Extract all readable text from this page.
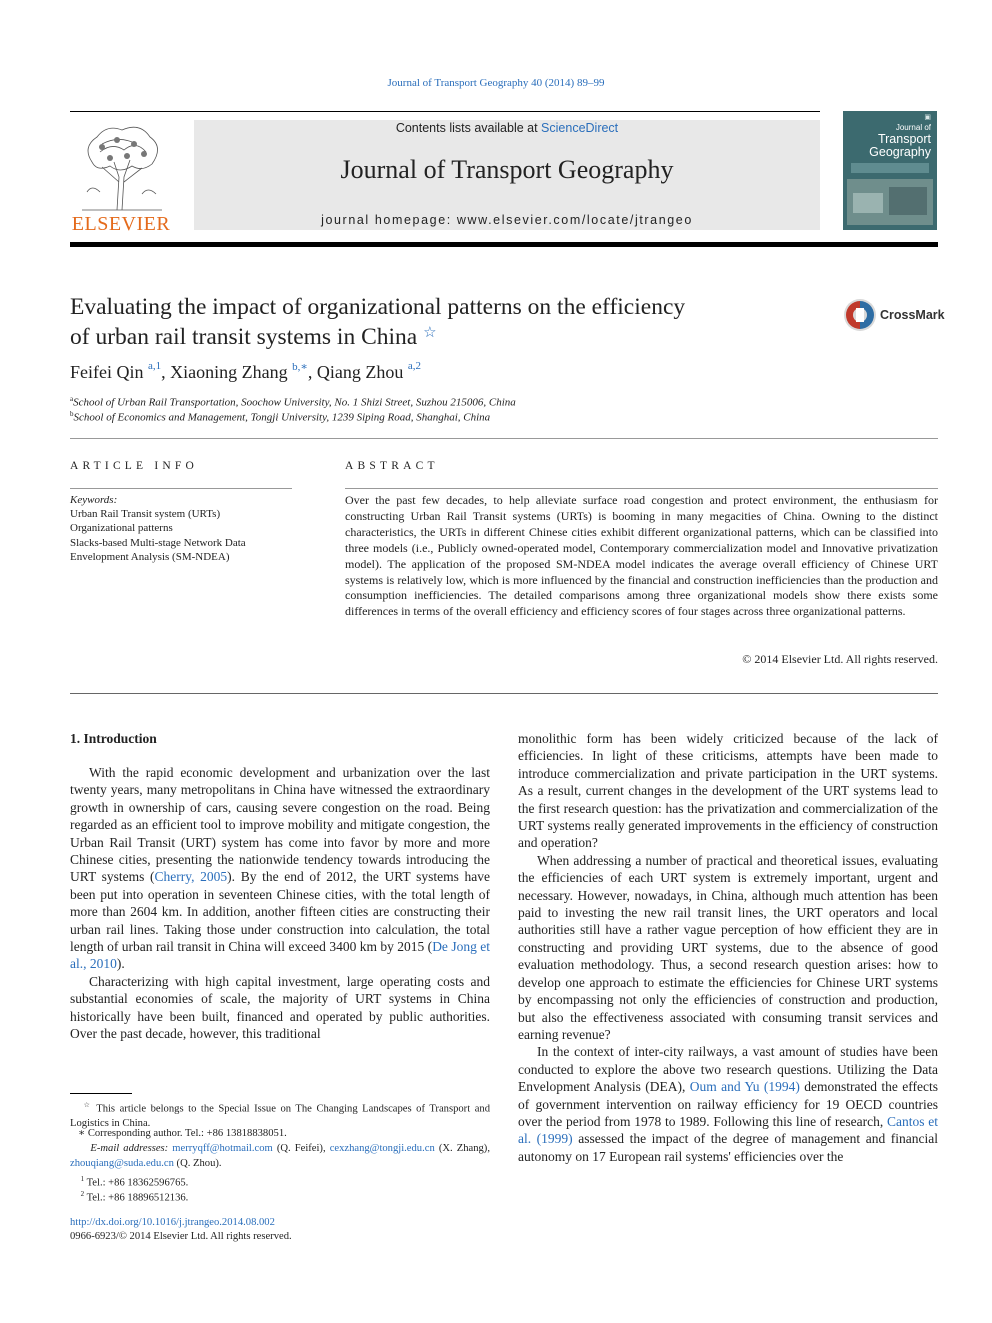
Journal of Transport Geography 40 (2014) 89–99
ELSEVIER
Contents lists available at ScienceDirect
Journal of Transport Geography
journal homepage: www.elsevier.com/locate/jtrangeo
▣
Journal of
Transport
Geography
Evaluating the impact of organizational patterns on the efficiency
of urban rail transit systems in China ☆
CrossMark
Feifei Qin $^{a,1}$, Xiaoning Zhang $^{b,∗}$, Qiang Zhou $^{a,2}$
$^a$School of Urban Rail Transportation, Soochow University, No. 1 Shizi Street, Suzhou 215006, China
$^b$School of Economics and Management, Tongji University, 1239 Siping Road, Shanghai, China
ARTICLE INFO
Keywords:
Urban Rail Transit system (URTs)
Organizational patterns
Slacks-based Multi-stage Network Data
Envelopment Analysis (SM-NDEA)
ABSTRACT
Over the past few decades, to help alleviate surface road congestion and protect environment, the enthusiasm for constructing Urban Rail Transit systems (URTs) is booming in many megacities of China. Owning to the distinct characteristics, the URTs in different Chinese cities exhibit different organizational patterns, which can be classified into three models (i.e., Publicly owned-operated model, Contemporary commercialization model and Innovative privatization model). The application of the proposed SM-NDEA model indicates the average overall efficiency of Chinese URT systems is relatively low, which is more influenced by the financial and construction inefficiencies than the production and consumption inefficiencies. The detailed comparisons among three organizational models show there exists some differences in terms of the overall efficiency and efficiency scores of four stages across three organizational patterns.
© 2014 Elsevier Ltd. All rights reserved.
1. Introduction

With the rapid economic development and urbanization over the last twenty years, many metropolitans in China have witnessed the extraordinary growth in ownership of cars, causing severe congestion on the road. Being regarded as an efficient tool to improve mobility and mitigate congestion, the Urban Rail Transit (URT) system has come into favor by more and more Chinese cities, presenting the nationwide tendency towards introducing the URT systems (Cherry, 2005). By the end of 2012, the URT systems have been put into operation in seventeen Chinese cities, with the total length of more than 2604 km. In addition, another fifteen cities are constructing their urban rail lines. Taking those under construction into calculation, the total length of urban rail transit in China will exceed 3400 km by 2015 (De Jong et al., 2010).

Characterizing with high capital investment, large operating costs and substantial economies of scale, the majority of URT systems in China historically have been built, financed and operated by public authorities. Over the past decade, however, this traditional

monolithic form has been widely criticized because of the lack of efficiencies. In light of these criticisms, attempts have been made to introduce commercialization and private participation in the URT systems. As a result, current changes in the development of the URT systems lead to the first research question: has the privatization and commercialization of the URT systems really generated improvements in the efficiency of construction and operation?

When addressing a number of practical and theoretical issues, evaluating the efficiencies of each URT system is extremely important, urgent and necessary. However, nowadays, in China, although much attention has been paid to investing the new rail transit lines, the URT operators and local authorities still have a rather vague perception of how efficient they are in constructing and providing URT systems, due to the absence of good evaluation methodology. Thus, a second research question arises: how to develop one approach to estimate the efficiencies for Chinese URT systems by encompassing not only the efficiencies of construction and production, but also the effectiveness associated with consuming transit services and earning revenue?

In the context of inter-city railways, a vast amount of studies have been conducted to explore the above two research questions. Utilizing the Data Envelopment Analysis (DEA), Oum and Yu (1994) demonstrated the effects of government intervention on railway efficiency for 19 OECD countries over the period from 1978 to 1989. Following this line of research, Cantos et al. (1999) assessed the impact of the degree of management and financial autonomy on 17 European rail systems' efficiencies over the

☆ This article belongs to the Special Issue on The Changing Landscapes of Transport and Logistics in China.
∗ Corresponding author. Tel.: +86 13818838051.
E-mail addresses: merryqff@hotmail.com (Q. Feifei), cexzhang@tongji.edu.cn (X. Zhang), zhouqiang@suda.edu.cn (Q. Zhou).
$^1$ Tel.: +86 18362596765.
$^2$ Tel.: +86 18896512136.
http://dx.doi.org/10.1016/j.jtrangeo.2014.08.002
0966-6923/© 2014 Elsevier Ltd. All rights reserved.
